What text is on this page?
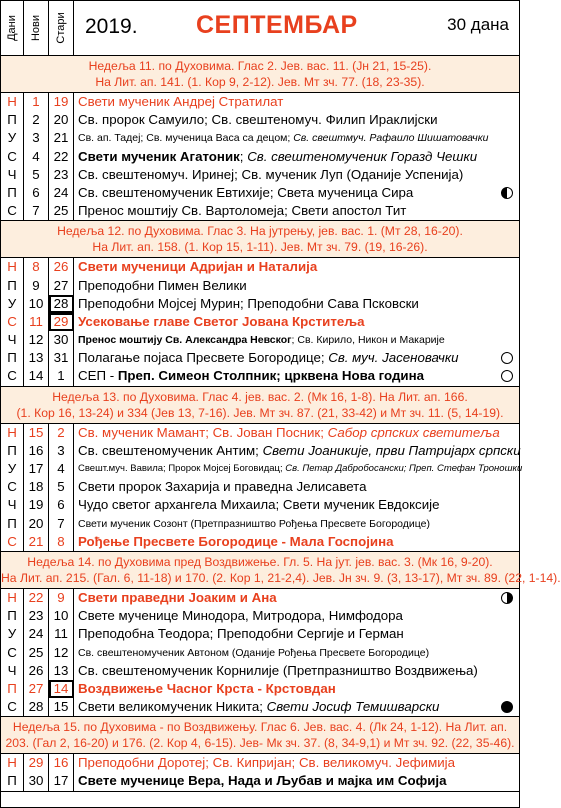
Дани Нови Стари 2019. СЕПТЕМБАР	30 дана
Недеља 11. по Духовима. Глас 2. Јев. вас. 11. (Јн 21, 15-25).
На Лит. ап. 141. (1. Кор 9, 2-12). Јев. Мт зч. 77. (18, 23-35).
Н	1	19 Свети мученик Андреј Стратилат
П	2	20 Св. пророк Самуило; Св. свештеномуч. Филип Ираклијски
У	3	21 Св. ап. Тадеј; Св. мученица Васа са децом; Св. свештмуч. Рафаило Шишатовачки
С	4	22 Свети мученик Агатоник; Св. свештеномученик Горазд Чешки
Ч	5	23 Св. свештеномуч. Иринеј; Св. мученик Луп (Оданије Успенија)
П	6	24 Св. свештеномученик Евтихије; Света мученица Сира
С	7	25 Пренос моштију Св. Вартоломеја; Свети апостол Тит
Недеља 12. по Духовима. Глас 3. На јутрењу, јев. вас. 1. (Мт 28, 16-20).
На Лит. ап. 158. (1. Кор 15, 1-11). Јев. Мт зч. 79. (19, 16-26).
Н	8	26 Свети мученици Адријан и Наталија
П	9	27 Преподобни Пимен Велики
У 10 28 Преподобни Мојсеј Мурин; Преподобни Сава Псковски
С 11 29 Усековање главе Светог Јована Крститеља
Ч 12 30 Пренос моштију Св. Александра Невског; Св. Кирило, Никон и Макарије
П 13 31 Полагање појаса Пресвете Богородице; Св. муч. Јасеновачки
С 14	1 СЕП - Преп. Симеон Столпник; црквена Нова година
Недеља 13. по Духовима. Глас 4. јев. вас. 2. (Мк 16, 1-8). На Лит. ап. 166.
(1. Кор 16, 13-24) и 334 (Јев 13, 7-16). Јев. Мт зч. 87. (21, 33-42) и Мт зч. 11. (5, 14-19).
Н 15	2 Св. мученик Мамант; Св. Јован Посник; Сабор српских светитеља
П 16	3 Св. свештеномученик Антим; Свети Јоаникије, први Патријарх српски
У 17	4	Свешт.муч. Вавила; Пророк Мојсеј Боговидац; Св. Петар Дабробосански; Преп. Стефан Троношки
С 18	5 Свети пророк Захарија и праведна Јелисавета
Ч 19	6 Чудо светог архангела Михаила; Свети мученик Евдоксије
П 20	7	Свети мученик Созонт (Претпразништво Рођења Пресвете Богородице)
С 21	8 Рођење Пресвете Богородице - Мала Госпојина
Недеља 14. по Духовима пред Воздвижење. Гл. 5. На јут. јев. вас. 3. (Мк 16, 9-20).
На Лит. ап. 215. (Гал. 6, 11-18) и 170. (2. Кор 1, 21-2,4). Јев. Јн зч. 9. (3, 13-17), Мт зч. 89. (22, 1-14).
Н 22	9 Свети праведни Јоаким и Ана
П 23 10 Свете мученице Минодора, Митродора, Нимфодора
У 24 11 Преподобна Теодора; Преподобни Сергије и Герман
С 25 12 Св. свештеномученик Автоном (Оданије Рођења Пресвете Богородице)
Ч 26 13 Св. свештеномученик Корнилије (Претпразништво Воздвижења)
П 27 14 Воздвижење Часног Крста - Крстовдан
С 28 15 Свети великомученик Никита; Свети Јосиф Темишварски
Недеља 15. по Духовима - по Воздвижењу. Глас 6. Јев. вас. 4. (Лк 24, 1-12). На Лит. ап.
203. (Гал 2, 16-20) и 176. (2. Кор 4, 6-15). Јев- Мк зч. 37. (8, 34-9,1) и Мт зч. 92. (22, 35-46).
Н 29 16 Преподобни Доротеј; Св. Кипријан; Св. великомуч. Јефимија
П 30 17 Свете мученице Вера, Нада и Љубав и мајка им Софија
